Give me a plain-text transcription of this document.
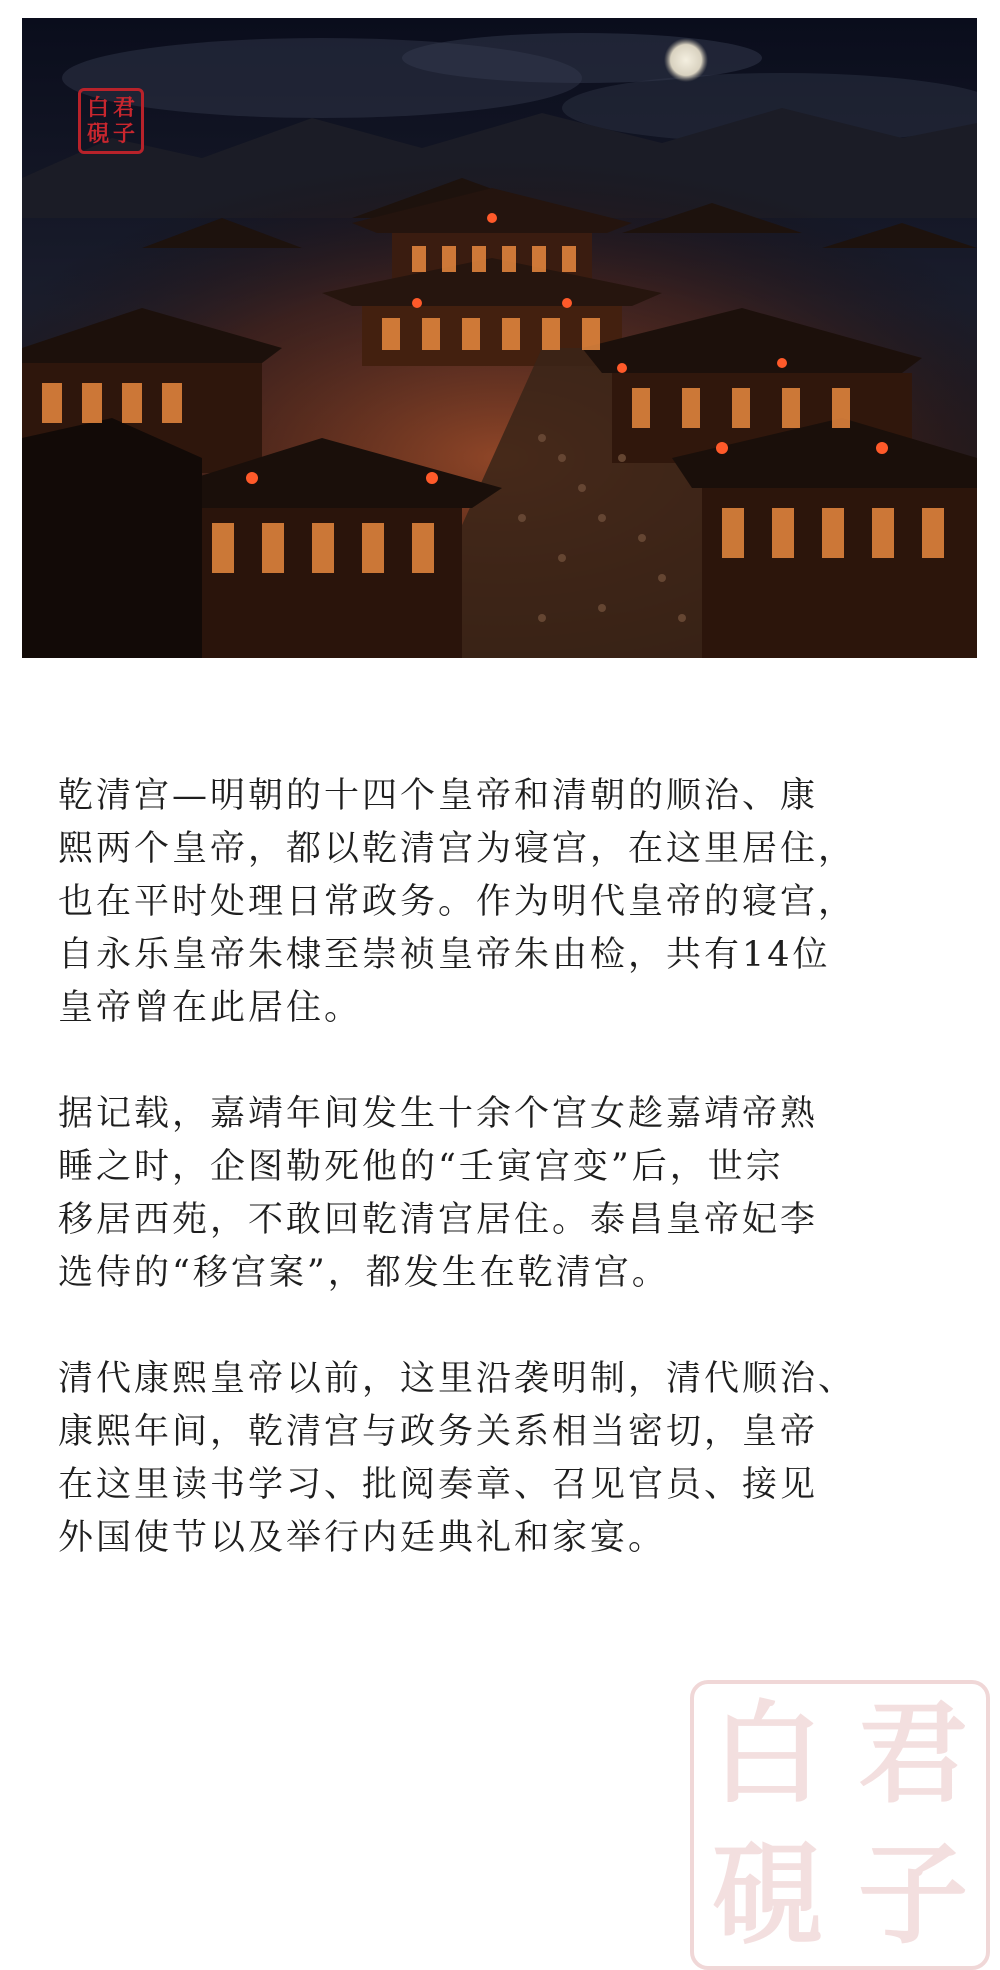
白 君
硯 子

乾清宫—明朝的十四个皇帝和清朝的顺治、康
熙两个皇帝，都以乾清宫为寝宫，在这里居住，
也在平时处理日常政务。作为明代皇帝的寝宫，
自永乐皇帝朱棣至崇祯皇帝朱由检，共有14位
皇帝曾在此居住。

据记载，嘉靖年间发生十余个宫女趁嘉靖帝熟
睡之时，企图勒死他的“壬寅宫变”后，世宗
移居西苑，不敢回乾清宫居住。泰昌皇帝妃李
选侍的“移宫案”，都发生在乾清宫。

清代康熙皇帝以前，这里沿袭明制，清代顺治、
康熙年间，乾清宫与政务关系相当密切，皇帝
在这里读书学习、批阅奏章、召见官员、接见
外国使节以及举行内廷典礼和家宴。

白 君
硯 子
